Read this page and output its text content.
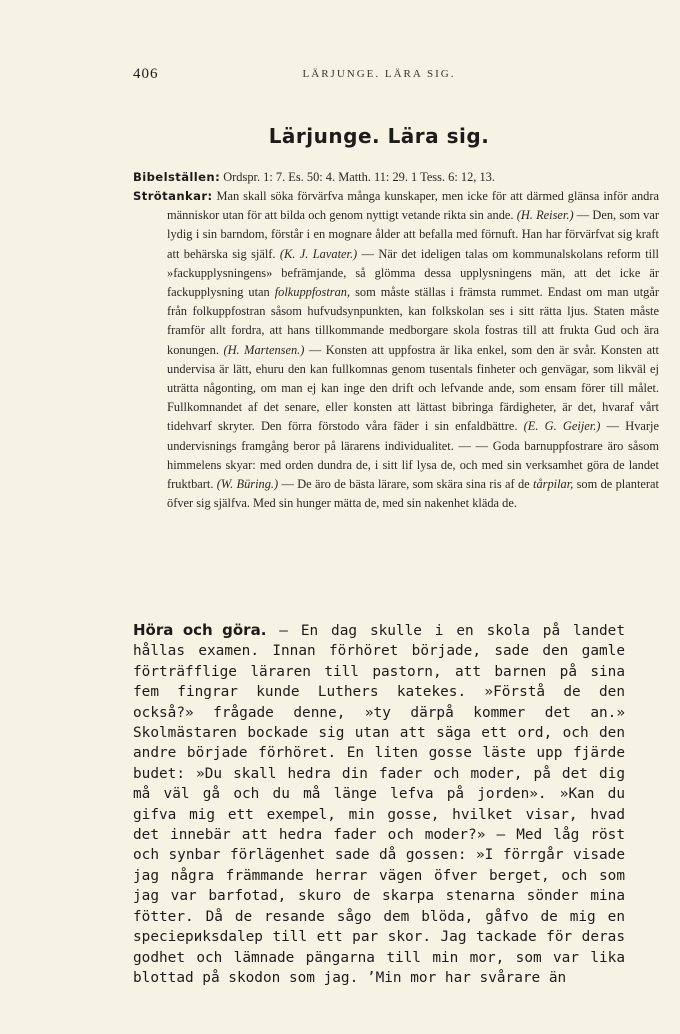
406	LÄRJUNGE. LÄRA SIG.
Lärjunge. Lära sig.
Bibelställen: Ordspr. 1: 7. Es. 50: 4. Matth. 11: 29. 1 Tess. 6: 12, 13.
Strötankar: Man skall söka förvärfva många kunskaper, men icke för att därmed glänsa inför andra människor utan för att bilda och genom nyttigt vetande rikta sin ande. (H. Reiser.) — Den, som var lydig i sin barndom, förstår i en mognare ålder att befalla med förnuft. Han har förvärfvat sig kraft att behärska sig själf. (K. J. Lavater.) — När det ideligen talas om kommunalskolans reform till »fackupplysningens» befrämjande, så glömma dessa upplysningens män, att det icke är fackupplysning utan folkuppfostran, som måste ställas i främsta rummet. Endast om man utgår från folkuppfostran såsom hufvudsynpunkten, kan folkskolan ses i sitt rätta ljus. Staten måste framför allt fordra, att hans tillkommande medborgare skola fostras till att frukta Gud och ära konungen. (H. Martensen.) — Konsten att uppfostra är lika enkel, som den är svår. Konsten att undervisa är lätt, ehuru den kan fullkomnas genom tusentals finheter och genvägar, som likväl ej uträtta någonting, om man ej kan inge den drift och lefvande ande, som ensam förer till målet. Fullkomnandet af det senare, eller konsten att lättast bibringa färdigheter, är det, hvaraf vårt tidehvarf skryter. Den förra förstodo våra fäder i sin enfaldbättre. (E. G. Geijer.) — Hvarje undervisnings framgång beror på lärarens individualitet. — — Goda barnuppfostrare äro såsom himmelens skyar: med orden dundra de, i sitt lif lysa de, och med sin verksamhet göra de landet fruktbart. (W. Büring.) — De äro de bästa lärare, som skära sina ris af de tårpilar, som de planterat öfver sig själfva. Med sin hunger mätta de, med sin nakenhet kläda de.
Höra och göra. — En dag skulle i en skola på landet hållas examen. Innan förhöret började, sade den gamle förträfflige läraren till pastorn, att barnen på sina fem fingrar kunde Luthers katekes. »Förstå de den också?» frågade denne, »ty därpå kommer det an.» Skolmästaren bockade sig utan att säga ett ord, och den andre började förhöret. En liten gosse läste upp fjärde budet: »Du skall hedra din fader och moder, på det dig må väl gå och du må länge lefva på jorden». »Kan du gifva mig ett exempel, min gosse, hvilket visar, hvad det innebär att hedra fader och moder?» — Med låg röst och synbar förlägenhet sade då gossen: »I förrgår visade jag några främmande herrar vägen öfver berget, och som jag var barfotad, skuro de skarpa stenarna sönder mina fötter. Då de resande sågo dem blöda, gåfvo de mig en speciериksdalер till ett par skor. Jag tackade för deras godhet och lämnade pängarna till min mor, som var lika blottad på skodon som jag. ’Min mor har svårare än
